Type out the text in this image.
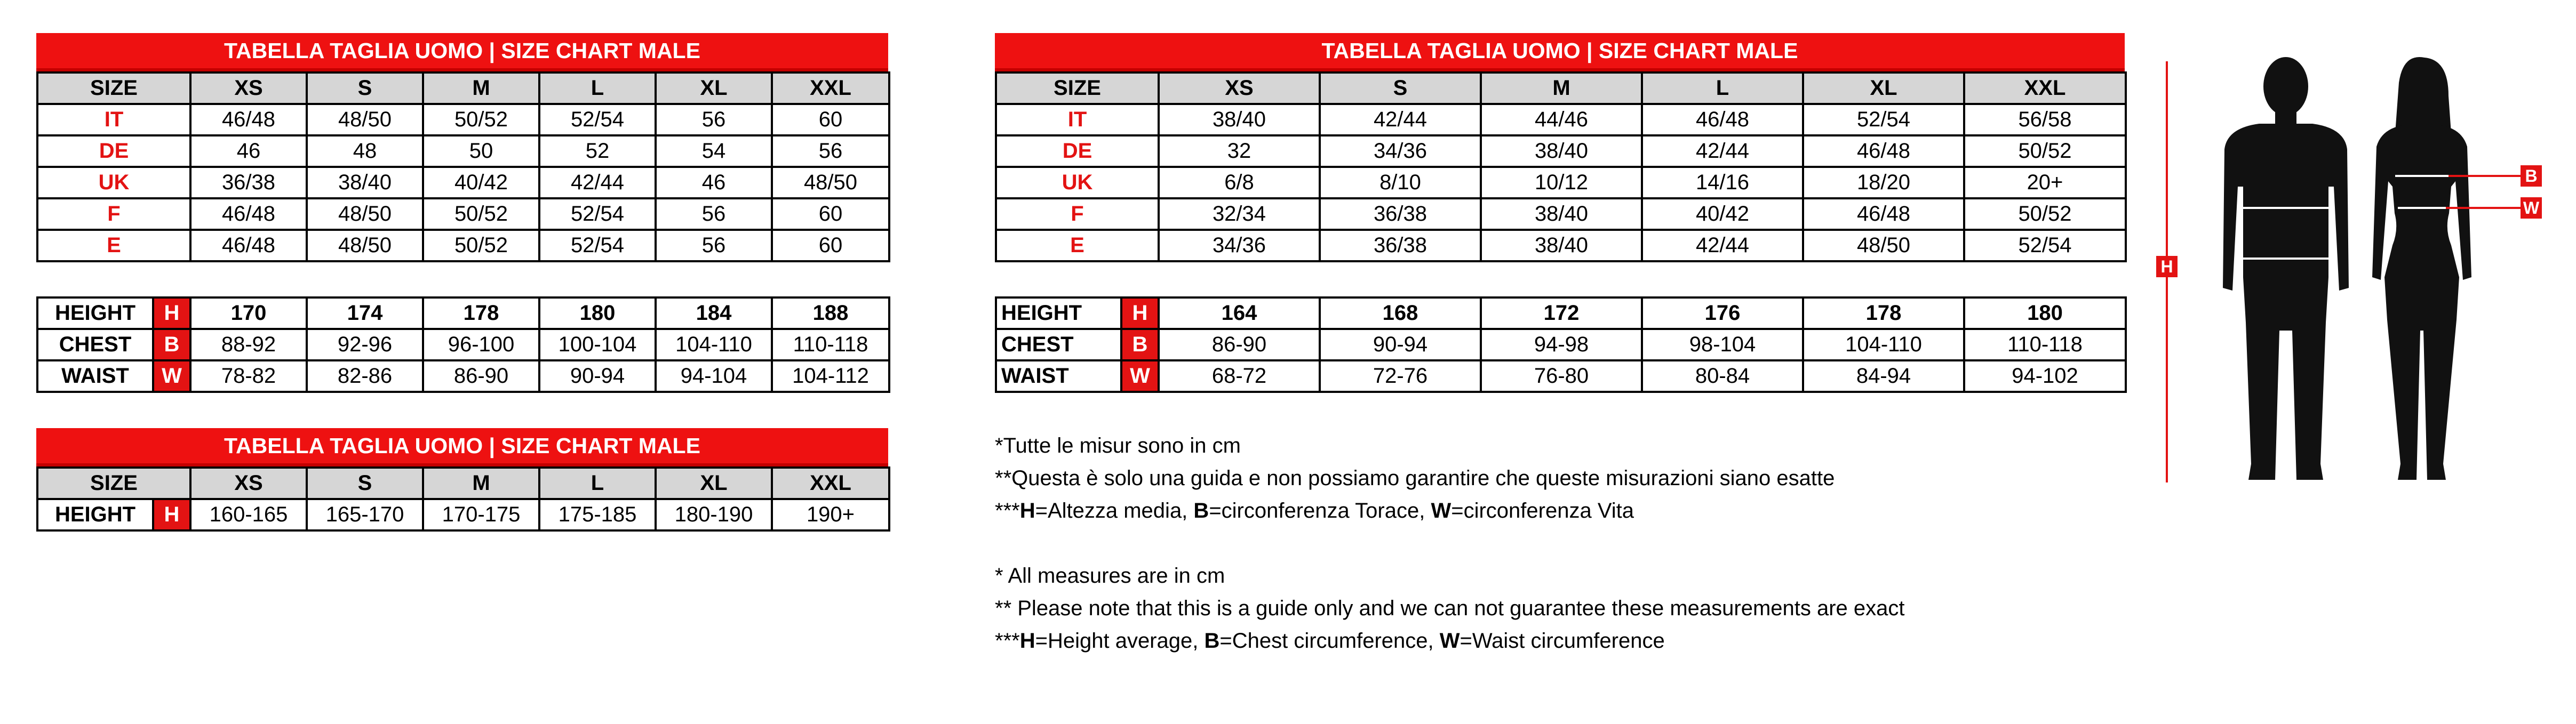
TABELLA TAGLIA UOMO | SIZE CHART MALE
SIZE	XS	S	M	L	XL	XXL
IT	46/48	48/50	50/52	52/54	56	60
DE	46	48	50	52	54	56
UK	36/38	38/40	40/42	42/44	46	48/50
F	46/48	48/50	50/52	52/54	56	60
E	46/48	48/50	50/52	52/54	56	60
HEIGHT	H	170	174	178	180	184	188
CHEST	B	88-92	92-96	96-100	100-104	104-110	110-118
WAIST	W	78-82	82-86	86-90	90-94	94-104	104-112
TABELLA TAGLIA UOMO | SIZE CHART MALE
SIZE		XS	S	M	L	XL	XXL
HEIGHT	H	160-165	165-170	170-175	175-185	180-190	190+
TABELLA TAGLIA UOMO | SIZE CHART MALE
SIZE	XS	S	M	L	XL	XXL
IT	38/40	42/44	44/46	46/48	52/54	56/58
DE	32	34/36	38/40	42/44	46/48	50/52
UK	6/8	8/10	10/12	14/16	18/20	20+
F	32/34	36/38	38/40	40/42	46/48	50/52
E	34/36	36/38	38/40	42/44	48/50	52/54
HEIGHT	H	164	168	172	176	178	180
CHEST	B	86-90	90-94	94-98	98-104	104-110	110-118
WAIST	W	68-72	72-76	76-80	80-84	84-94	94-102

*Tutte le misur sono in cm

**Questa è solo una guida e non possiamo garantire che queste misurazioni siano esatte

***H=Altezza media, B=circonferenza Torace, W=circonferenza Vita

* All measures are in cm

** Please note that this is a guide only and we can not guarantee these measurements are exact

***H=Height average, B=Chest circumference, W=Waist circumference

H
B
W
